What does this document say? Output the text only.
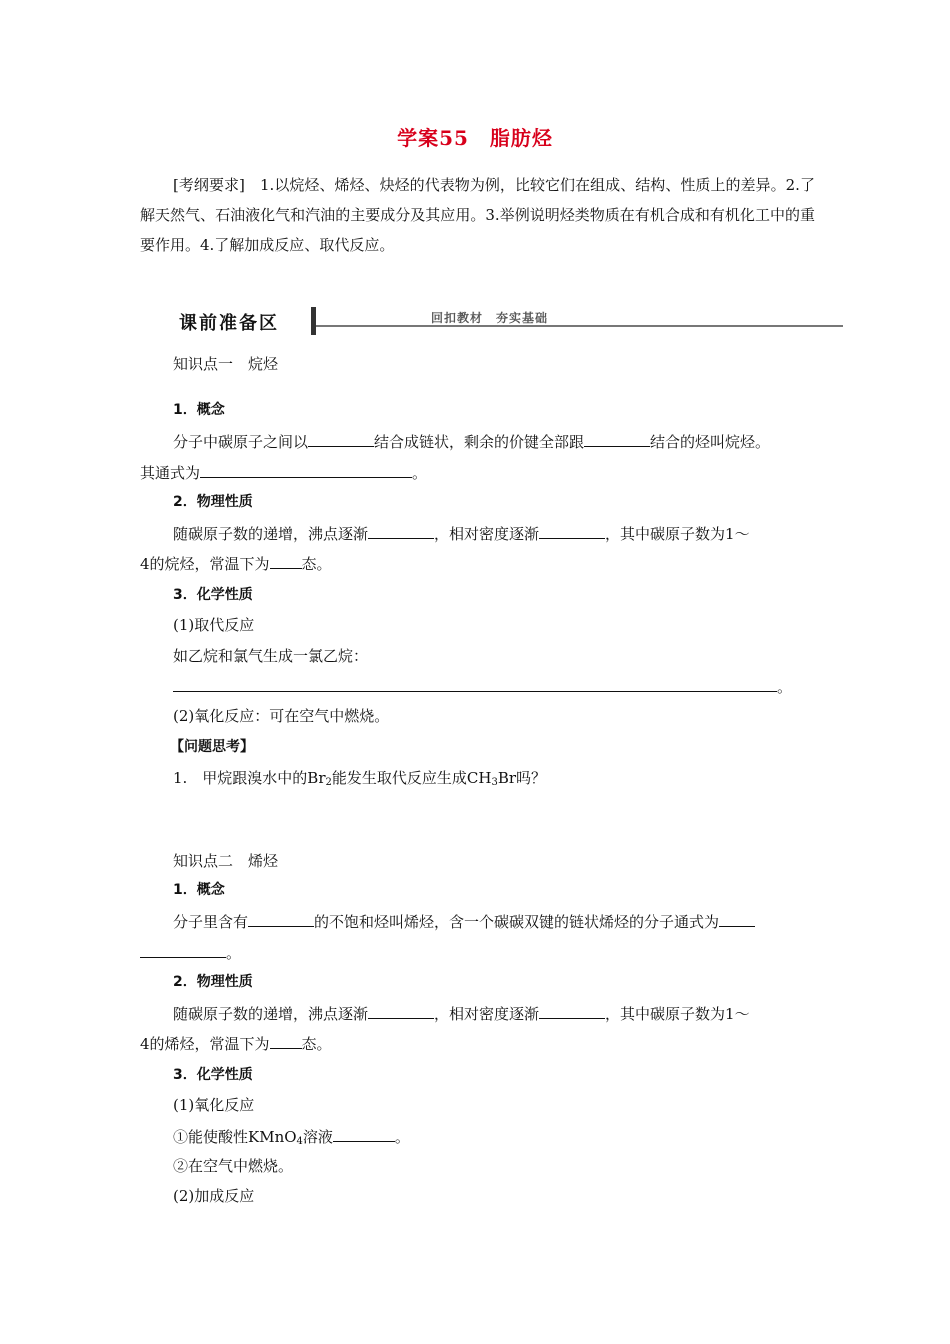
学案55　脂肪烃
[考纲要求]　1.以烷烃、烯烃、炔烃的代表物为例，比较它们在组成、结构、性质上的差异。2.了解天然气、石油液化气和汽油的主要成分及其应用。3.举例说明烃类物质在有机合成和有机化工中的重要作用。4.了解加成反应、取代反应。
课前准备区	回扣教材　夯实基础
知识点一　烷烃
1．概念
分子中碳原子之间以	结合成链状，剩余的价键全部跟	结合的烃叫烷烃。
其通式为	。
2．物理性质
随碳原子数的递增，沸点逐渐	，相对密度逐渐	，其中碳原子数为1～
4的烷烃，常温下为 态。
3．化学性质
(1)取代反应
如乙烷和氯气生成一氯乙烷：
。
(2)氧化反应：可在空气中燃烧。
【问题思考】
1.　甲烷跟溴水中的$Br_2$能发生取代反应生成$CH_3Br$吗？
知识点二　烯烃
1．概念
分子里含有	的不饱和烃叫烯烃，含一个碳碳双键的链状烯烃的分子通式为
。
2．物理性质
随碳原子数的递增，沸点逐渐	，相对密度逐渐	，其中碳原子数为1～
4的烯烃，常温下为 态。
3．化学性质
(1)氧化反应
①能使酸性KMnO$_4$溶液	。
②在空气中燃烧。
(2)加成反应
